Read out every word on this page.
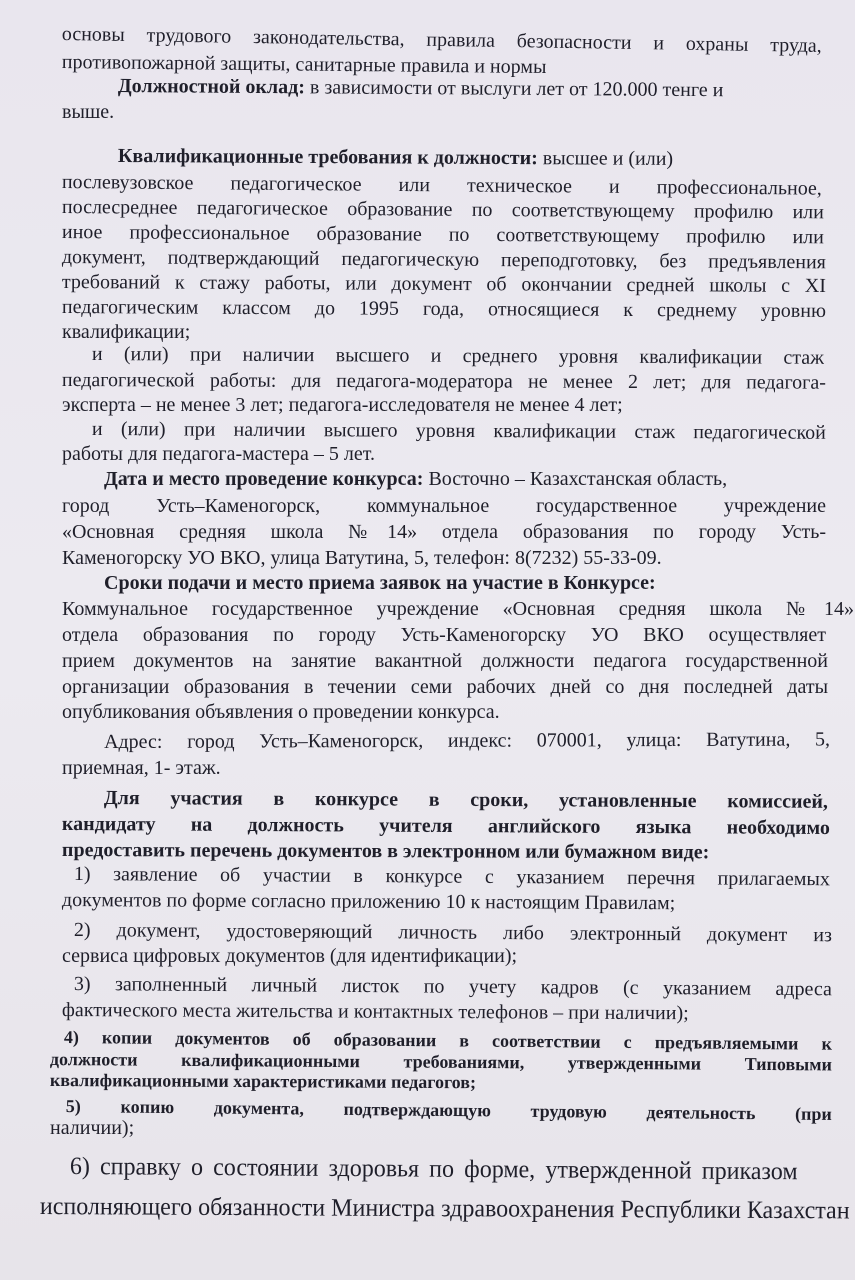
основы трудового законодательства, правила безопасности и охраны труда,
противопожарной защиты, санитарные правила и нормы
Должностной оклад: в зависимости от выслуги лет от 120.000 тенге и
выше.
Квалификационные требования к должности: высшее и (или)
послевузовское педагогическое или техническое и профессиональное,
послесреднее педагогическое образование по соответствующему профилю или
иное профессиональное образование по соответствующему профилю или
документ, подтверждающий педагогическую переподготовку, без предъявления
требований к стажу работы, или документ об окончании средней школы с XI
педагогическим классом до 1995 года, относящиеся к среднему уровню
квалификации;
и (или) при наличии высшего и среднего уровня квалификации стаж
педагогической работы: для педагога-модератора не менее 2 лет; для педагога-
эксперта – не менее 3 лет; педагога-исследователя не менее 4 лет;
и (или) при наличии высшего уровня квалификации стаж педагогической
работы для педагога-мастера – 5 лет.
Дата и место проведение конкурса: Восточно – Казахстанская область,
город Усть–Каменогорск, коммунальное государственное учреждение
«Основная средняя школа №14» отдела образования по городу Усть-
Каменогорску УО ВКО, улица Ватутина, 5, телефон: 8(7232) 55-33-09.
Сроки подачи и место приема заявок на участие в Конкурсе:
Коммунальное государственное учреждение «Основная средняя школа №14»
отдела образования по городу Усть-Каменогорску УО ВКО осуществляет
прием документов на занятие вакантной должности педагога государственной
организации образования в течении семи рабочих дней со дня последней даты
опубликования объявления о проведении конкурса.
Адрес: город Усть–Каменогорск, индекс: 070001, улица: Ватутина, 5,
приемная, 1- этаж.
Для участия в конкурсе в сроки, установленные комиссией,
кандидату на должность учителя английского языка необходимо
предоставить перечень документов в электронном или бумажном виде:
1) заявление об участии в конкурсе с указанием перечня прилагаемых
документов по форме согласно приложению 10 к настоящим Правилам;
2) документ, удостоверяющий личность либо электронный документ из
сервиса цифровых документов (для идентификации);
3) заполненный личный листок по учету кадров (с указанием адреса
фактического места жительства и контактных телефонов – при наличии);
4) копии документов об образовании в соответствии с предъявляемыми к
должности квалификационными требованиями, утвержденными Типовыми
квалификационными характеристиками педагогов;
5) копию документа, подтверждающую трудовую деятельность (при
наличии);
6) справку о состоянии здоровья по форме, утвержденной приказом
исполняющего обязанности Министра здравоохранения Республики Казахстан
